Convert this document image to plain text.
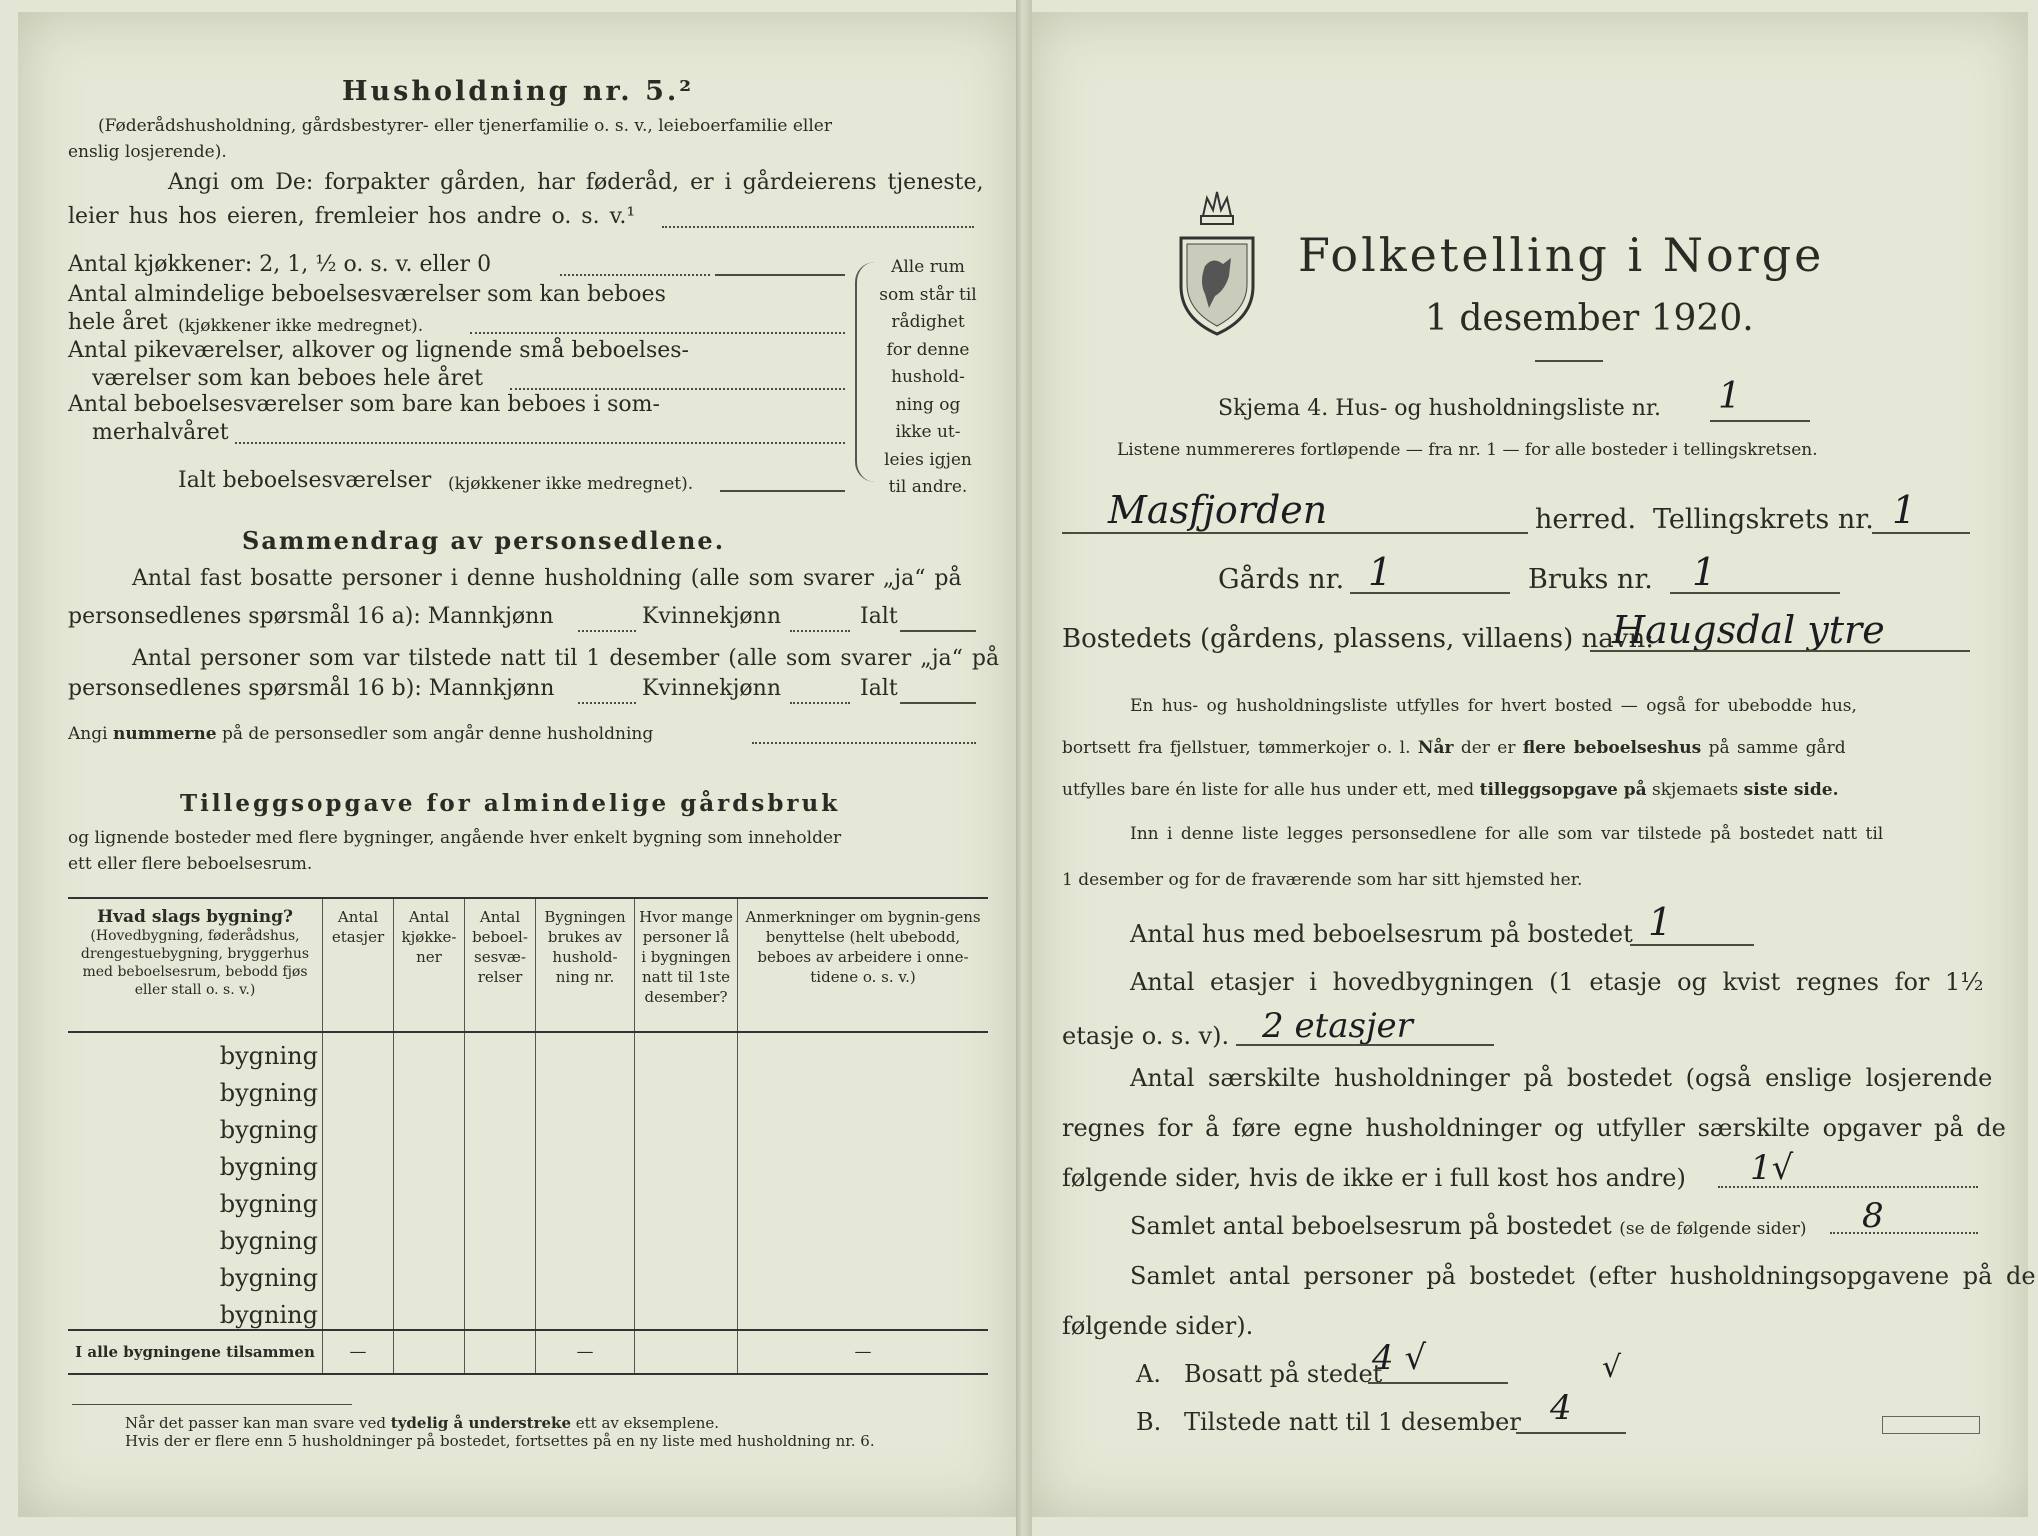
Husholdning nr. 5.²
(Føderådshusholdning, gårdsbestyrer- eller tjenerfamilie o. s. v., leieboerfamilie eller
enslig losjerende).
Angi om De: forpakter gården, har føderåd, er i gårdeierens tjeneste,
leier hus hos eieren, fremleier hos andre o. s. v.¹
Antal kjøkkener: 2, 1, ½ o. s. v. eller 0
Antal almindelige beboelsesværelser som kan beboes
hele året (kjøkkener ikke medregnet).
Antal pikeværelser, alkover og lignende små beboelses-
værelser som kan beboes hele året
Antal beboelsesværelser som bare kan beboes i som-
merhalvåret
Ialt beboelsesværelser (kjøkkener ikke medregnet).
Alle rum
som står til
rådighet
for denne
hushold-
ning og
ikke ut-
leies igjen
til andre.
Sammendrag av personsedlene.
Antal fast bosatte personer i denne husholdning (alle som svarer „ja“ på
personsedlenes spørsmål 16 a): Mannkjønn	Kvinnekjønn	Ialt
Antal personer som var tilstede natt til 1 desember (alle som svarer „ja“ på
personsedlenes spørsmål 16 b): Mannkjønn	Kvinnekjønn	Ialt
Angi nummerne på de personsedler som angår denne husholdning
Tilleggsopgave for almindelige gårdsbruk
og lignende bosteder med flere bygninger, angående hver enkelt bygning som inneholder
ett eller flere beboelsesrum.
Hvad slags bygning?
(Hovedbygning, føderådshus, drengestuebygning, bryggerhus med beboelsesrum, bebodd fjøs eller stall o. s. v.)	Antal etasjer	Antal kjøkke-ner	Antal beboel-sesvæ-relser	Bygningen brukes av hushold-ning nr.	Hvor mange personer lå i bygningen natt til 1ste desember?	Anmerkninger om bygnin-gens benyttelse (helt ubebodd, beboes av arbeidere i onne-tidene o. s. v.)
bygning						
bygning						
bygning						
bygning						
bygning						
bygning						
bygning						
bygning						
I alle bygningene tilsammen	—			—		—
Når det passer kan man svare ved tydelig å understreke ett av eksemplene.
Hvis der er flere enn 5 husholdninger på bostedet, fortsettes på en ny liste med husholdning nr. 6.
Folketelling i Norge
1 desember 1920.
Skjema 4. Hus- og husholdningsliste nr. 1
Listene nummereres fortløpende — fra nr. 1 — for alle bosteder i tellingskretsen.
Masfjorden	herred. Tellingskrets nr. 1
Gårds nr. 1	Bruks nr. 1
Bostedets (gårdens, plassens, villaens) navn:
Haugsdal ytre
En hus- og husholdningsliste utfylles for hvert bosted — også for ubebodde hus,
bortsett fra fjellstuer, tømmerkojer o. l. Når der er flere beboelseshus på samme gård
utfylles bare én liste for alle hus under ett, med tilleggsopgave på skjemaets siste side.
Inn i denne liste legges personsedlene for alle som var tilstede på bostedet natt til
1 desember og for de fraværende som har sitt hjemsted her.
Antal hus med beboelsesrum på bostedet 1
Antal etasjer i hovedbygningen (1 etasje og kvist regnes for 1½
etasje o. s. v). 2 etasjer
Antal særskilte husholdninger på bostedet (også enslige losjerende
regnes for å føre egne husholdninger og utfyller særskilte opgaver på de
følgende sider, hvis de ikke er i full kost hos andre) 1√
Samlet antal beboelsesrum på bostedet (se de følgende sider) 8
Samlet antal personer på bostedet (efter husholdningsopgavene på de
følgende sider).
A. Bosatt på stedet
4 √	√
B. Tilstede natt til 1 desember 4
